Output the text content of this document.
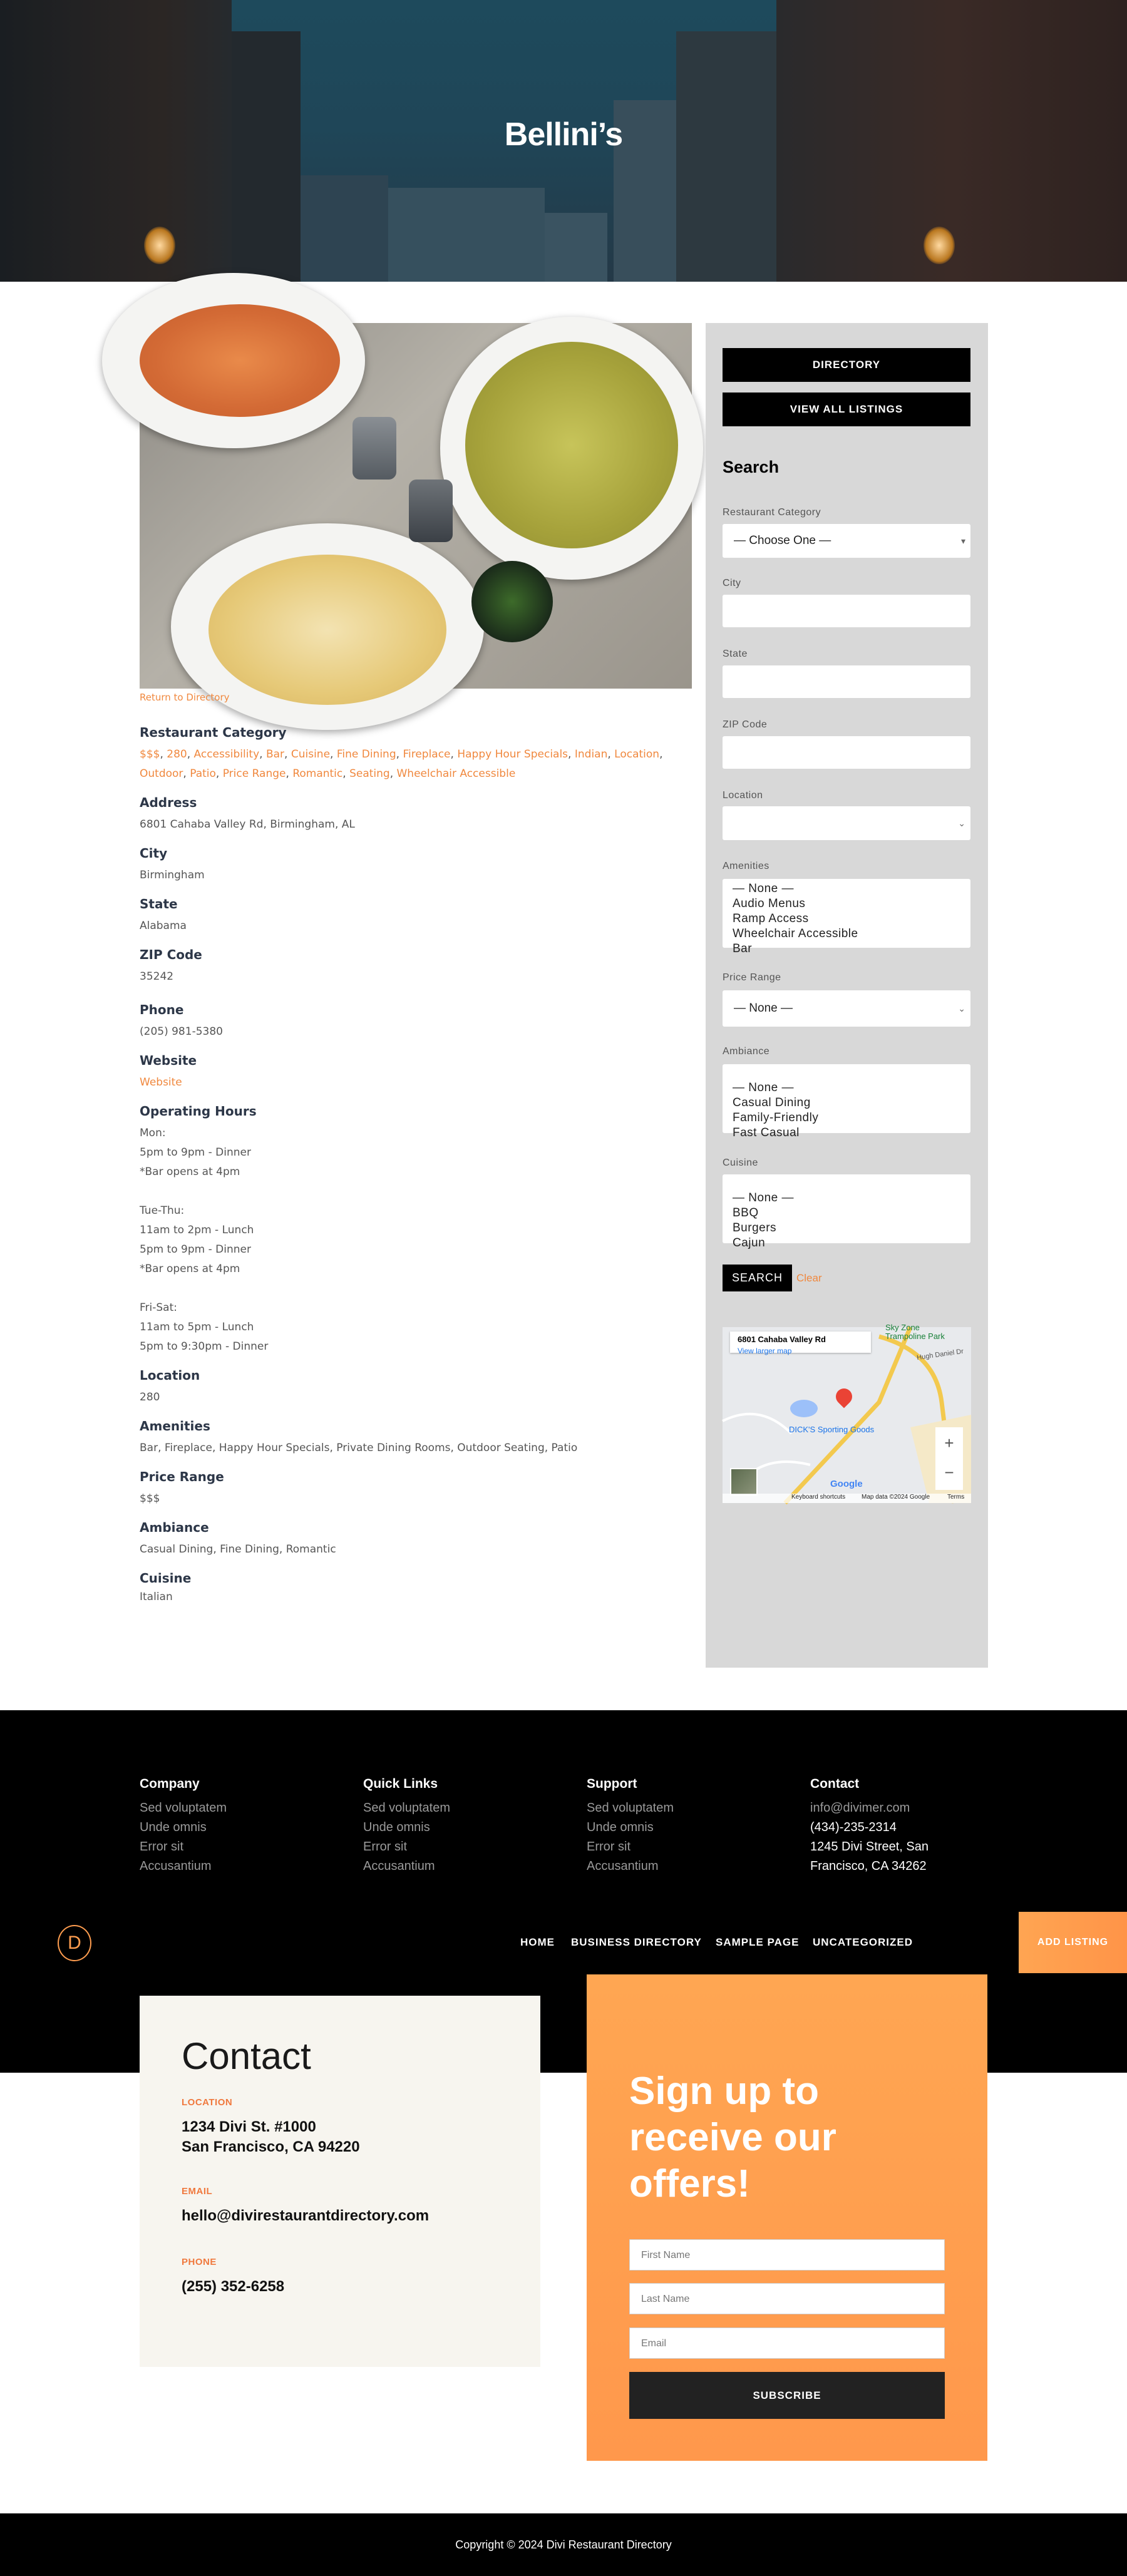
Bellini’s
Return to Directory
Restaurant Category
$$$, 280, Accessibility, Bar, Cuisine, Fine Dining, Fireplace, Happy Hour Specials, Indian, Location, Outdoor, Patio, Price Range, Romantic, Seating, Wheelchair Accessible
Address
6801 Cahaba Valley Rd, Birmingham, AL
City
Birmingham
State
Alabama
ZIP Code
35242
Phone
(205) 981-5380
Website
Website
Operating Hours
Mon:
5pm to 9pm - Dinner
*Bar opens at 4pm
Tue-Thu:
11am to 2pm - Lunch
5pm to 9pm - Dinner
*Bar opens at 4pm
Fri-Sat:
11am to 5pm - Lunch
5pm to 9:30pm - Dinner
Location
280
Amenities
Bar, Fireplace, Happy Hour Specials, Private Dining Rooms, Outdoor Seating, Patio
Price Range
$$$
Ambiance
Casual Dining, Fine Dining, Romantic
Cuisine
Italian
DIRECTORY
VIEW ALL LISTINGS
Search
Restaurant Category
— Choose One —	▾
City
State
ZIP Code
Location
⌄
Amenities
— None —
Audio Menus
Ramp Access
Wheelchair Accessible
Bar
Price Range
— None —	⌄
Ambiance
— None —
Casual Dining
Family-Friendly
Fast Casual
Cuisine
— None —
BBQ
Burgers
Cajun
SEARCH	Clear
6801 Cahaba Valley Rd
View larger map
Sky Zone
Trampoline Park
Hugh Daniel Dr
DICK'S Sporting Goods
+
−
Google
Keyboard shortcuts	Map data ©2024 Google	Terms
Company
Sed voluptatem
Unde omnis
Error sit
Accusantium
Quick Links
Sed voluptatem
Unde omnis
Error sit
Accusantium
Support
Sed voluptatem
Unde omnis
Error sit
Accusantium
Contact
info@divimer.com
(434)-235-2314
1245 Divi Street, San
Francisco, CA 34262
D	HOME BUSINESS DIRECTORY SAMPLE PAGE UNCATEGORIZED	ADD LISTING
Contact
LOCATION
1234 Divi St. #1000
San Francisco, CA 94220
EMAIL
hello@divirestaurantdirectory.com
PHONE
(255) 352-6258
Sign up to receive our offers!
First Name
Last Name
Email
SUBSCRIBE
Copyright © 2024 Divi Restaurant Directory
